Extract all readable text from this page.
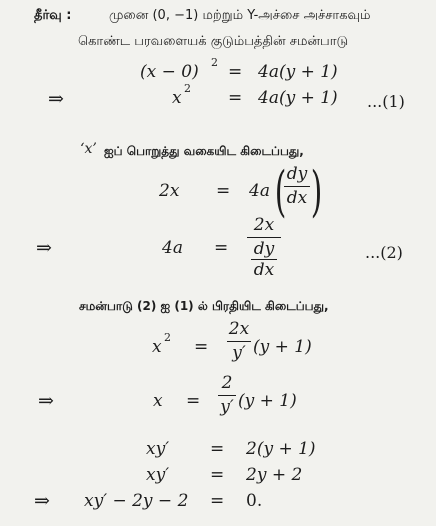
தீர்வு :	முனை (0, −1) மற்றும் Y-அச்சை அச்சாகவும்
கொண்ட பரவளையக் குடும்பத்தின் சமன்பாடு
(x − 0) 2 = 4a(y + 1)
⇒	x 2 = 4a(y + 1) ...(1)
‘x’ ஐப் பொறுத்து வகையிட கிடைப்பது,
2x = 4a ( dy
dx )
⇒	4a =
2x
dy
dx
...(2)
சமன்பாடு (2) ஐ (1) ல் பிரதியிட கிடைப்பது,
x 2 =
2x
y′ (y + 1)
⇒	x =
2
y′ (y + 1)
xy′ = 2(y + 1)
xy′ = 2y + 2
⇒ xy′ − 2y − 2 = 0.
